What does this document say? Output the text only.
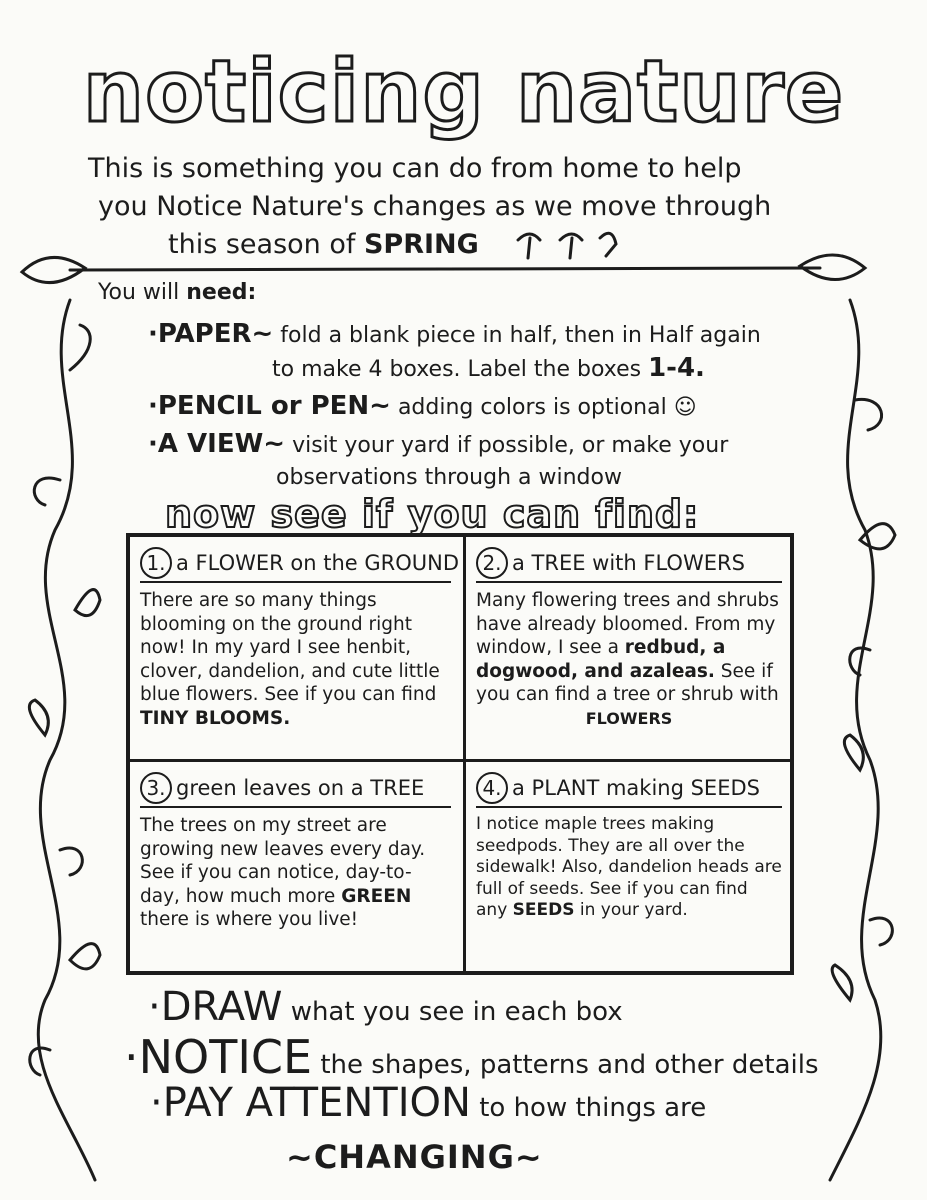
noticing nature
This is something you can do from home to help
you Notice Nature's changes as we move through
this season of SPRING
You will need:
·PAPER~ fold a blank piece in half, then in Half again
to make 4 boxes. Label the boxes 1-4.
·PENCIL or PEN~ adding colors is optional ☺
·A VIEW~ visit your yard if possible, or make your
observations through a window
now see if you can find:
1. a FLOWER on the GROUND
There are so many things blooming on the ground right now! In my yard I see henbit, clover, dandelion, and cute little blue flowers. See if you can find TINY BLOOMS.
2. a TREE with FLOWERS
Many flowering trees and shrubs have already bloomed. From my window, I see a redbud, a dogwood, and azaleas. See if you can find a tree or shrub with
FLOWERS
3. green leaves on a TREE
The trees on my street are growing new leaves every day. See if you can notice, day-to-day, how much more GREEN there is where you live!
4. a PLANT making SEEDS
I notice maple trees making seedpods. They are all over the sidewalk! Also, dandelion heads are full of seeds. See if you can find any SEEDS in your yard.
·DRAW what you see in each box
·NOTICE the shapes, patterns and other details
·PAY ATTENTION to how things are
~CHANGING~
